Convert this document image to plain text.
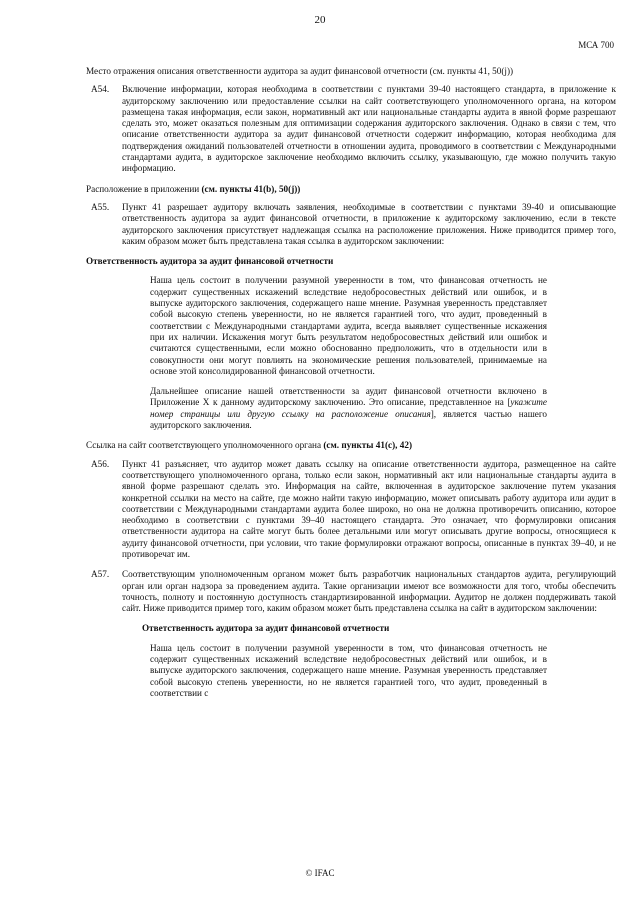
20
МСА 700

Место отражения описания ответственности аудитора за аудит финансовой отчетности (см. пункты 41, 50(j))

A54. Включение информации, которая необходима в соответствии с пунктами 39-40 настоящего стандарта, в приложение к аудиторскому заключению или предоставление ссылки на сайт соответствующего уполномоченного органа, на котором размещена такая информация, если закон, нормативный акт или национальные стандарты аудита в явной форме разрешают сделать это, может оказаться полезным для оптимизации содержания аудиторского заключения. Однако в связи с тем, что описание ответственности аудитора за аудит финансовой отчетности содержит информацию, которая необходима для подтверждения ожиданий пользователей отчетности в отношении аудита, проводимого в соответствии с Международными стандартами аудита, в аудиторское заключение необходимо включить ссылку, указывающую, где можно получить такую информацию.

Расположение в приложении (см. пункты 41(b), 50(j))

A55. Пункт 41 разрешает аудитору включать заявления, необходимые в соответствии с пунктами 39-40 и описывающие ответственность аудитора за аудит финансовой отчетности, в приложение к аудиторскому заключению, если в тексте аудиторского заключения присутствует надлежащая ссылка на расположение приложения. Ниже приводится пример того, каким образом может быть представлена такая ссылка в аудиторском заключении:

Ответственность аудитора за аудит финансовой отчетности

Наша цель состоит в получении разумной уверенности в том, что финансовая отчетность не содержит существенных искажений вследствие недобросовестных действий или ошибок, и в выпуске аудиторского заключения, содержащего наше мнение. Разумная уверенность представляет собой высокую степень уверенности, но не является гарантией того, что аудит, проведенный в соответствии с Международными стандартами аудита, всегда выявляет существенные искажения при их наличии. Искажения могут быть результатом недобросовестных действий или ошибок и считаются существенными, если можно обоснованно предположить, что в отдельности или в совокупности они могут повлиять на экономические решения пользователей, принимаемые на основе этой консолидированной финансовой отчетности.

Дальнейшее описание нашей ответственности за аудит финансовой отчетности включено в Приложение X к данному аудиторскому заключению. Это описание, представленное на [укажите номер страницы или другую ссылку на расположение описания], является частью нашего аудиторского заключения.

Ссылка на сайт соответствующего уполномоченного органа (см. пункты 41(с), 42)

A56. Пункт 41 разъясняет, что аудитор может давать ссылку на описание ответственности аудитора, размещенное на сайте соответствующего уполномоченного органа, только если закон, нормативный акт или национальные стандарты аудита в явной форме разрешают сделать это. Информация на сайте, включенная в аудиторское заключение путем указания конкретной ссылки на место на сайте, где можно найти такую информацию, может описывать работу аудитора или аудит в соответствии с Международными стандартами аудита более широко, но она не должна противоречить описанию, которое необходимо в соответствии с пунктами 39–40 настоящего стандарта. Это означает, что формулировки описания ответственности аудитора на сайте могут быть более детальными или могут описывать другие вопросы, относящиеся к аудиту финансовой отчетности, при условии, что такие формулировки отражают вопросы, описанные в пунктах 39–40, и не противоречат им.
A57. Соответствующим уполномоченным органом может быть разработчик национальных стандартов аудита, регулирующий орган или орган надзора за проведением аудита. Такие организации имеют все возможности для того, чтобы обеспечить точность, полноту и постоянную доступность стандартизированной информации. Аудитор не должен поддерживать такой сайт. Ниже приводится пример того, каким образом может быть представлена ссылка на сайт в аудиторском заключении:

Ответственность аудитора за аудит финансовой отчетности

Наша цель состоит в получении разумной уверенности в том, что финансовая отчетность не содержит существенных искажений вследствие недобросовестных действий или ошибок, и в выпуске аудиторского заключения, содержащего наше мнение. Разумная уверенность представляет собой высокую степень уверенности, но не является гарантией того, что аудит, проведенный в соответствии с

© IFAC
